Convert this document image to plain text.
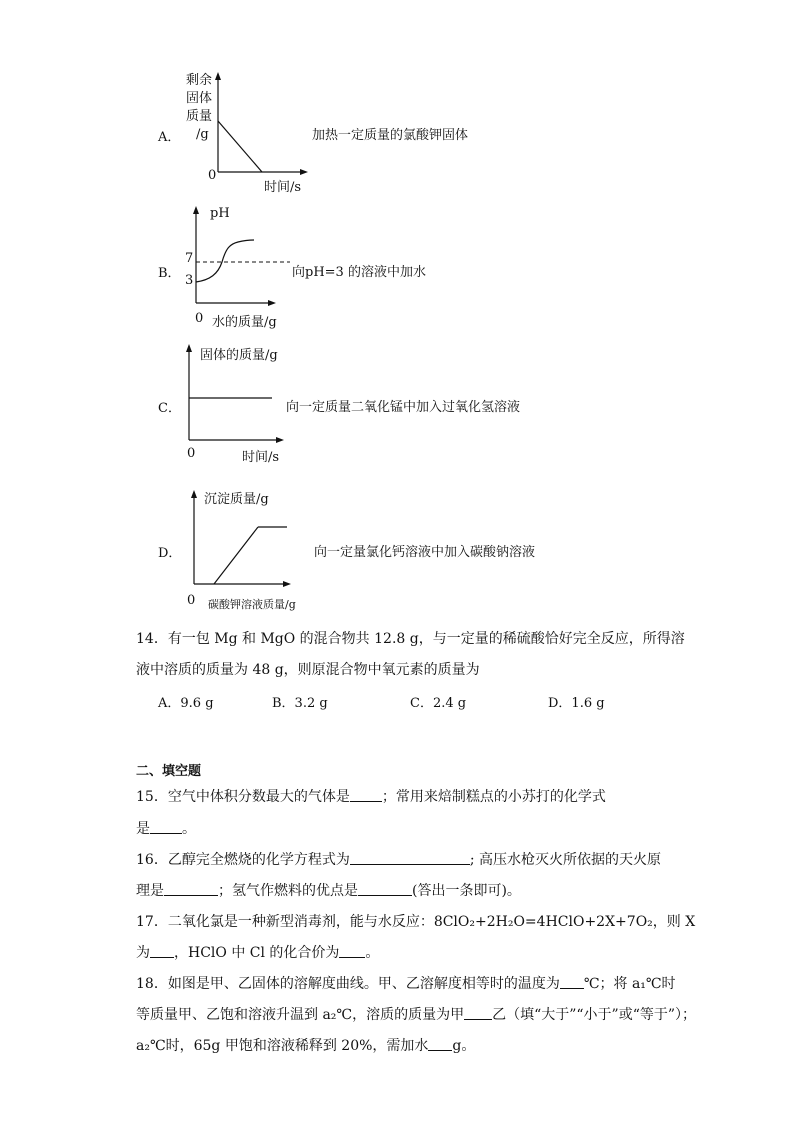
A．
剩余
固体
质量
/g
0
时间/s
加热一定质量的氯酸钾固体
B．
pH
7
3
0 水的质量/g
向pH=3 的溶液中加水
C．
固体的质量/g
0	时间/s
向一定质量二氧化锰中加入过氧化氢溶液
D．
沉淀质量/g
0 碳酸钾溶液质量/g
向一定量氯化钙溶液中加入碳酸钠溶液
14．有一包 Mg 和 MgO 的混合物共 12.8 g，与一定量的稀硫酸恰好完全反应，所得溶
液中溶质的质量为 48 g，则原混合物中氧元素的质量为
A．9.6 g	B．3.2 g	C．2.4 g	D．1.6 g
二、填空题
15．空气中体积分数最大的气体是 ；常用来焙制糕点的小苏打的化学式
是 。
16．乙醇完全燃烧的化学方程式为	; 高压水枪灭火所依据的天火原
理是	；氢气作燃料的优点是	(答出一条即可)。
17．二氧化氯是一种新型消毒剂，能与水反应：8ClO₂+2H₂O=4HClO+2X+7O₂，则 X
为 ，HClO 中 Cl 的化合价为 。
18．如图是甲、乙固体的溶解度曲线。甲、乙溶解度相等时的温度为 ℃；将 a₁℃时
等质量甲、乙饱和溶液升温到 a₂℃，溶质的质量为甲 乙（填“大于”“小于”或“等于”）；
a₂℃时，65g 甲饱和溶液稀释到 20%，需加水 g。
